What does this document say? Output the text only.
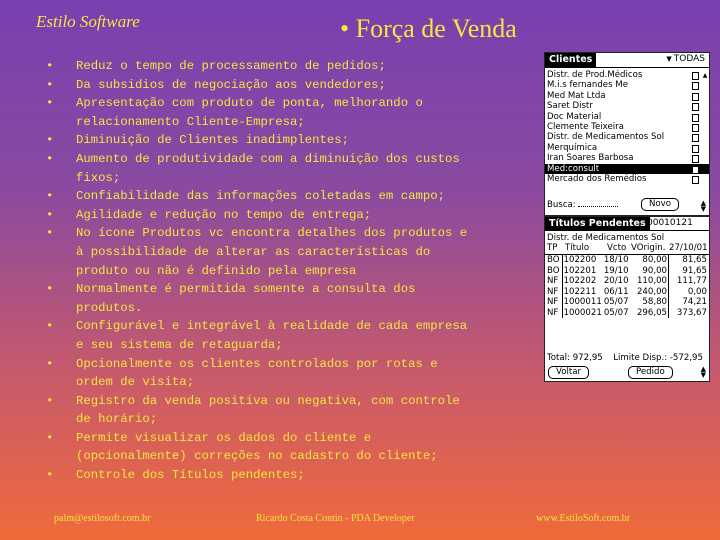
Estilo Software	• Força de Venda
• Reduz o tempo de processamento de pedidos;
• Da subsidios de negociação aos vendedores;
• Apresentação com produto de ponta, melhorando o
relacionamento Cliente-Empresa;
• Diminuição de Clientes inadimplentes;
• Aumento de produtividade com a diminuição dos custos
fixos;
• Confiabilidade das informações coletadas em campo;
• Agilidade e redução no tempo de entrega;
• No ícone Produtos vc encontra detalhes dos produtos e
à possibilidade de alterar as características do
produto ou não é definido pela empresa
• Normalmente é permitida somente a consulta dos
produtos.
• Configurável e integrável à realidade de cada empresa
e seu sistema de retaguarda;
• Opcionalmente os clientes controlados por rotas e
ordem de visita;
• Registro da venda positiva ou negativa, com controle
de horário;
• Permite visualizar os dados do cliente e
(opcionalmente) correções no cadastro do cliente;
• Controle dos Títulos pendentes;
Clientes	▼ TODAS
Distr. de Prod.Médicos
M.i.s fernandes Me
Med Mat Ltda
Saret Distr
Doc Material
Clemente Teixeira
Distr. de Medicamentos Sol
Merquímica
Iran Soares Barbosa
Med:consult
Mercado dos Remédios
▲
Busca:	Novo	▲
▼
Títulos Pendentes 00010121
Distr. de Medicamentos Sol
TP Título Vcto VOrigin. 27/10/01
BO	102200	18/10	80,00	81,65
BO	102201	19/10	90,00	91,65
NF	102202	20/10	110,00	111,77
NF	102211	06/11	240,00	0,00
NF	1000011	05/07	58,80	74,21
NF	1000021	05/07	296,05	373,67
Total: 972,95 Limite Disp.: -572,95
Voltar	Pedido	▲
▼
palm@estilosoft.com.br	Ricardo Costa Contin - PDA Developer	www.EstiloSoft.com.br
